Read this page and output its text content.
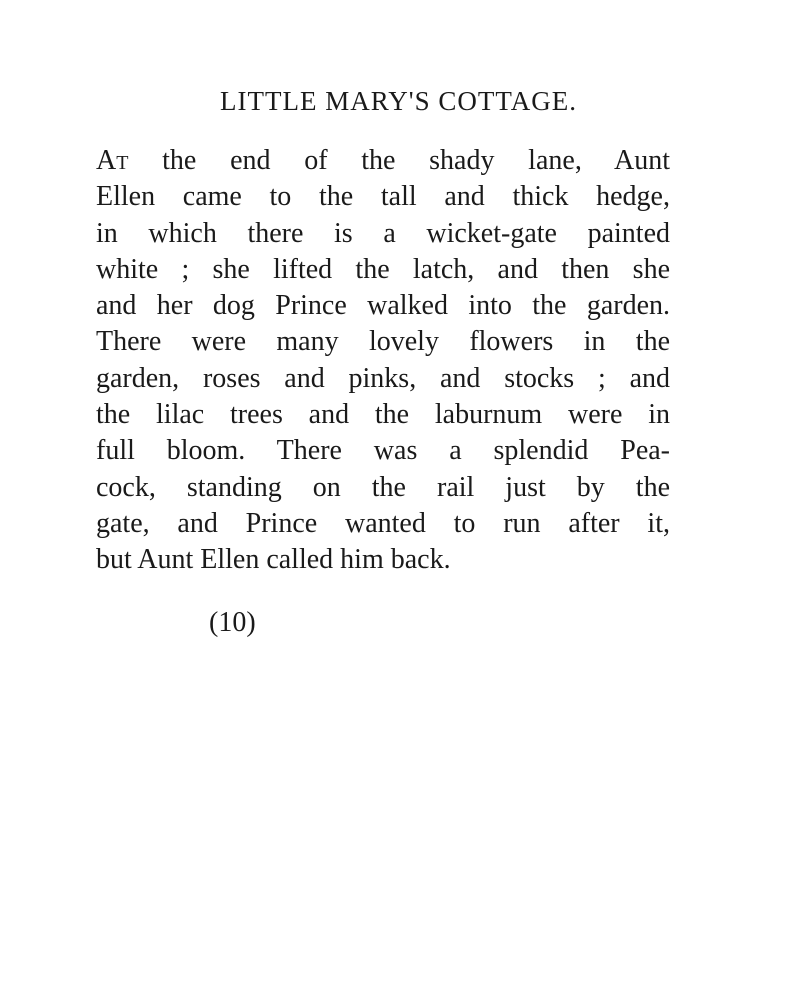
LITTLE MARY'S COTTAGE.
At the end of the shady lane, Aunt
Ellen came to the tall and thick hedge,
in which there is a wicket-gate painted
white ; she lifted the latch, and then she
and her dog Prince walked into the garden.
There were many lovely flowers in the
garden, roses and pinks, and stocks ; and
the lilac trees and the laburnum were in
full bloom. There was a splendid Pea-
cock, standing on the rail just by the
gate, and Prince wanted to run after it,
but Aunt Ellen called him back.
(10)
